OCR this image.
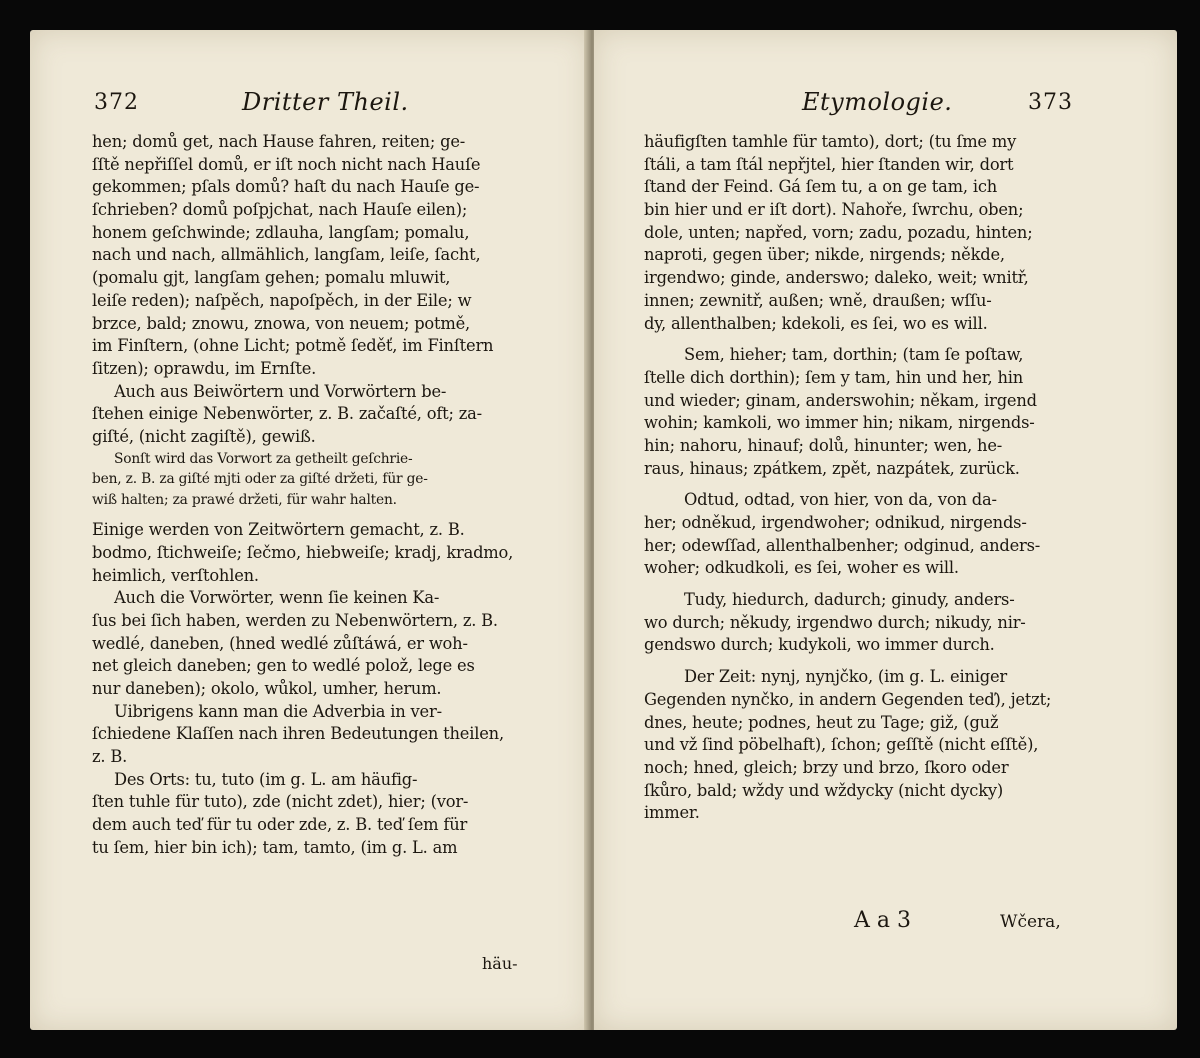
372	Dritter Theil.
hen; domů get, nach Hause fahren, reiten; ge-
ſſtě nepřiſſel domů, er iſt noch nicht nach Hauſe
gekommen; pſals domů? haſt du nach Hauſe ge-
ſchrieben? domů poſpjchat, nach Hauſe eilen);
honem geſchwinde; zdlauha, langſam; pomalu,
nach und nach, allmählich, langſam, leiſe, ſacht,
(pomalu gjt, langſam gehen; pomalu mluwit,
leiſe reden); naſpěch, napoſpěch, in der Eile; w
brzce, bald; znowu, znowa, von neuem; potmě,
im Finſtern, (ohne Licht; potmě ſeděť, im Finſtern
ſitzen); oprawdu, im Ernſte.
Auch aus Beiwörtern und Vorwörtern be-
ſtehen einige Nebenwörter, z. B. začaſté, oft; za-
giſté, (nicht zagiſtě), gewiß.
Sonſt wird das Vorwort za getheilt geſchrie-
ben, z. B. za giſté mjti oder za giſté držeti, für ge-
wiß halten; za prawé držeti, für wahr halten.
Einige werden von Zeitwörtern gemacht, z. B.
bodmo, ſtichweiſe; ſečmo, hiebweiſe; kradj, kradmo,
heimlich, verſtohlen.
Auch die Vorwörter, wenn ſie keinen Ka-
ſus bei ſich haben, werden zu Nebenwörtern, z. B.
wedlé, daneben, (hned wedlé zůſtáwá, er woh-
net gleich daneben; gen to wedlé polož, lege es
nur daneben); okolo, wůkol, umher, herum.
Uibrigens kann man die Adverbia in ver-
ſchiedene Klaſſen nach ihren Bedeutungen theilen,
z. B.
Des Orts: tu, tuto (im g. L. am häufig-
ſten tuhle für tuto), zde (nicht zdet), hier; (vor-
dem auch teď für tu oder zde, z. B. teď ſem für
tu ſem, hier bin ich); tam, tamto, (im g. L. am
häu-
Etymologie.	373
häufigſten tamhle für tamto), dort; (tu ſme my
ſtáli, a tam ſtál nepřjtel, hier ſtanden wir, dort
ſtand der Feind. Gá ſem tu, a on ge tam, ich
bin hier und er iſt dort). Nahoře, ſwrchu, oben;
dole, unten; napřed, vorn; zadu, pozadu, hinten;
naproti, gegen über; nikde, nirgends; někde,
irgendwo; ginde, anderswo; daleko, weit; wnitř,
innen; zewnitř, außen; wně, draußen; wſſu-
dy, allenthalben; kdekoli, es ſei, wo es will.
Sem, hieher; tam, dorthin; (tam ſe poſtaw,
ſtelle dich dorthin); ſem y tam, hin und her, hin
und wieder; ginam, anderswohin; někam, irgend
wohin; kamkoli, wo immer hin; nikam, nirgends-
hin; nahoru, hinauf; dolů, hinunter; wen, he-
raus, hinaus; zpátkem, zpět, nazpátek, zurück.
Odtud, odtad, von hier, von da, von da-
her; odněkud, irgendwoher; odnikud, nirgends-
her; odewſſad, allenthalbenher; odginud, anders-
woher; odkudkoli, es ſei, woher es will.
Tudy, hiedurch, dadurch; ginudy, anders-
wo durch; někudy, irgendwo durch; nikudy, nir-
gendswo durch; kudykoli, wo immer durch.
Der Zeit: nynj, nynjčko, (im g. L. einiger
Gegenden nynčko, in andern Gegenden teď), jetzt;
dnes, heute; podnes, heut zu Tage; giž, (guž
und vž ſind pöbelhaft), ſchon; geſſtě (nicht eſſtě),
noch; hned, gleich; brzy und brzo, ſkoro oder
ſkůro, bald; wždy und wždycky (nicht dycky)
immer.
A a 3	Wčera,
